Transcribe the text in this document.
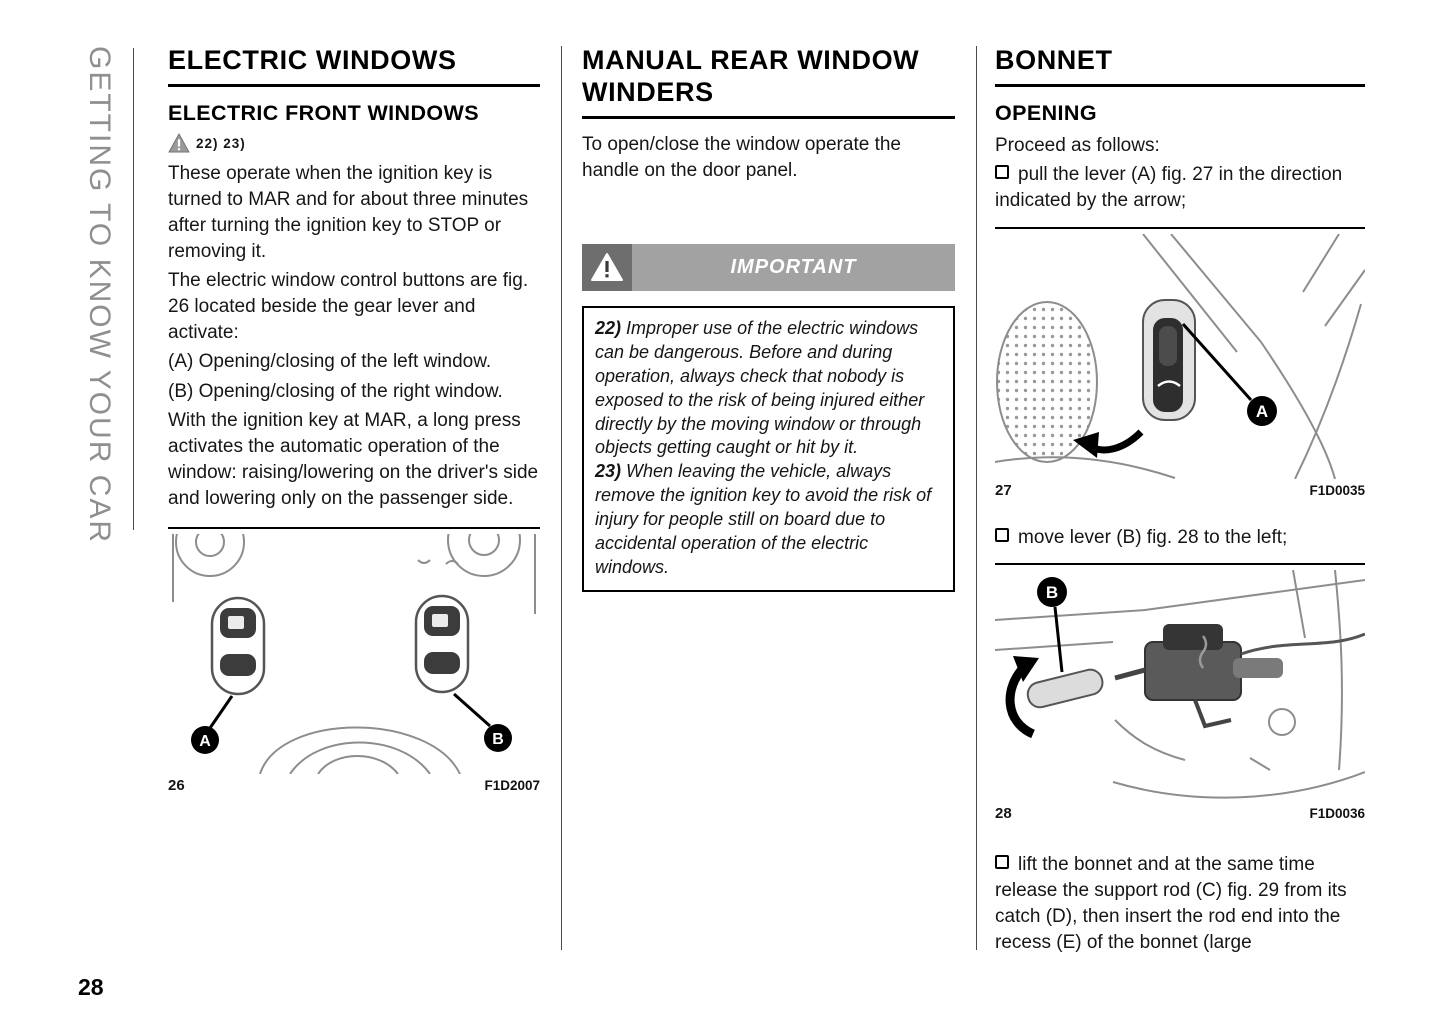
GETTING TO KNOW YOUR CAR ELECTRIC WINDOWS
ELECTRIC FRONT WINDOWS
22) 23)

These operate when the ignition key is turned to MAR and for about three minutes after turning the ignition key to STOP or removing it.

The electric window control buttons are fig. 26 located beside the gear lever and activate:

(A) Opening/closing of the left window.

(B) Opening/closing of the right window.

With the ignition key at MAR, a long press activates the automatic operation of the window: raising/lowering on the driver's side and lowering only on the passenger side.

A	B
26	F1D2007
MANUAL REAR WINDOW WINDERS

To open/close the window operate the handle on the door panel.

IMPORTANT

22) Improper use of the electric windows can be dangerous. Before and during operation, always check that nobody is exposed to the risk of being injured either directly by the moving window or through objects getting caught or hit by it.

23) When leaving the vehicle, always remove the ignition key to avoid the risk of injury for people still on board due to accidental operation of the electric windows.

BONNET
OPENING

Proceed as follows:

pull the lever (A) fig. 27 in the direction indicated by the arrow;

A
27	F1D0035

move lever (B) fig. 28 to the left;

B
28	F1D0036

lift the bonnet and at the same time release the support rod (C) fig. 29 from its catch (D), then insert the rod end into the recess (E) of the bonnet (large

28
